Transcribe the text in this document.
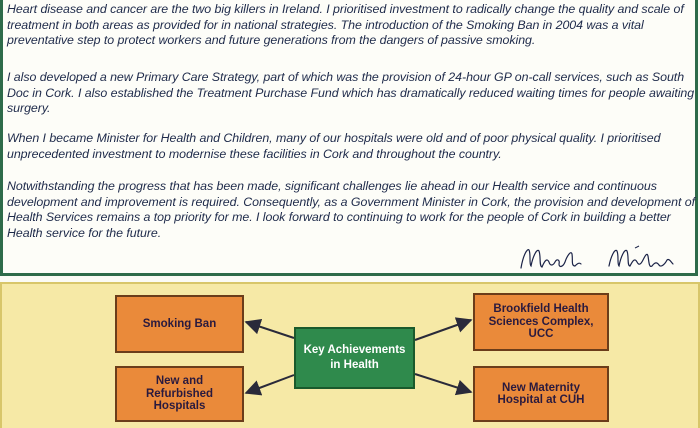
Heart disease and cancer are the two big killers in Ireland. I prioritised investment to radically change the quality and scale of treatment in both areas as provided for in national strategies. The introduction of the Smoking Ban in 2004 was a vital preventative step to protect workers and future generations from the dangers of passive smoking.

I also developed a new Primary Care Strategy, part of which was the provision of 24-hour GP on-call services, such as South Doc in Cork. I also established the Treatment Purchase Fund which has dramatically reduced waiting times for people awaiting surgery.

When I became Minister for Health and Children, many of our hospitals were old and of poor physical quality. I prioritised unprecedented investment to modernise these facilities in Cork and throughout the country.

Notwithstanding the progress that has been made, significant challenges lie ahead in our Health service and continuous development and improvement is required. Consequently, as a Government Minister in Cork, the provision and development of Health Services remains a top priority for me. I look forward to continuing to work for the people of Cork in building a better Health service for the future.

Smoking Ban
New and Refurbished Hospitals
Brookfield Health Sciences Complex, UCC
New Maternity Hospital at CUH
Key Achievements in Health
